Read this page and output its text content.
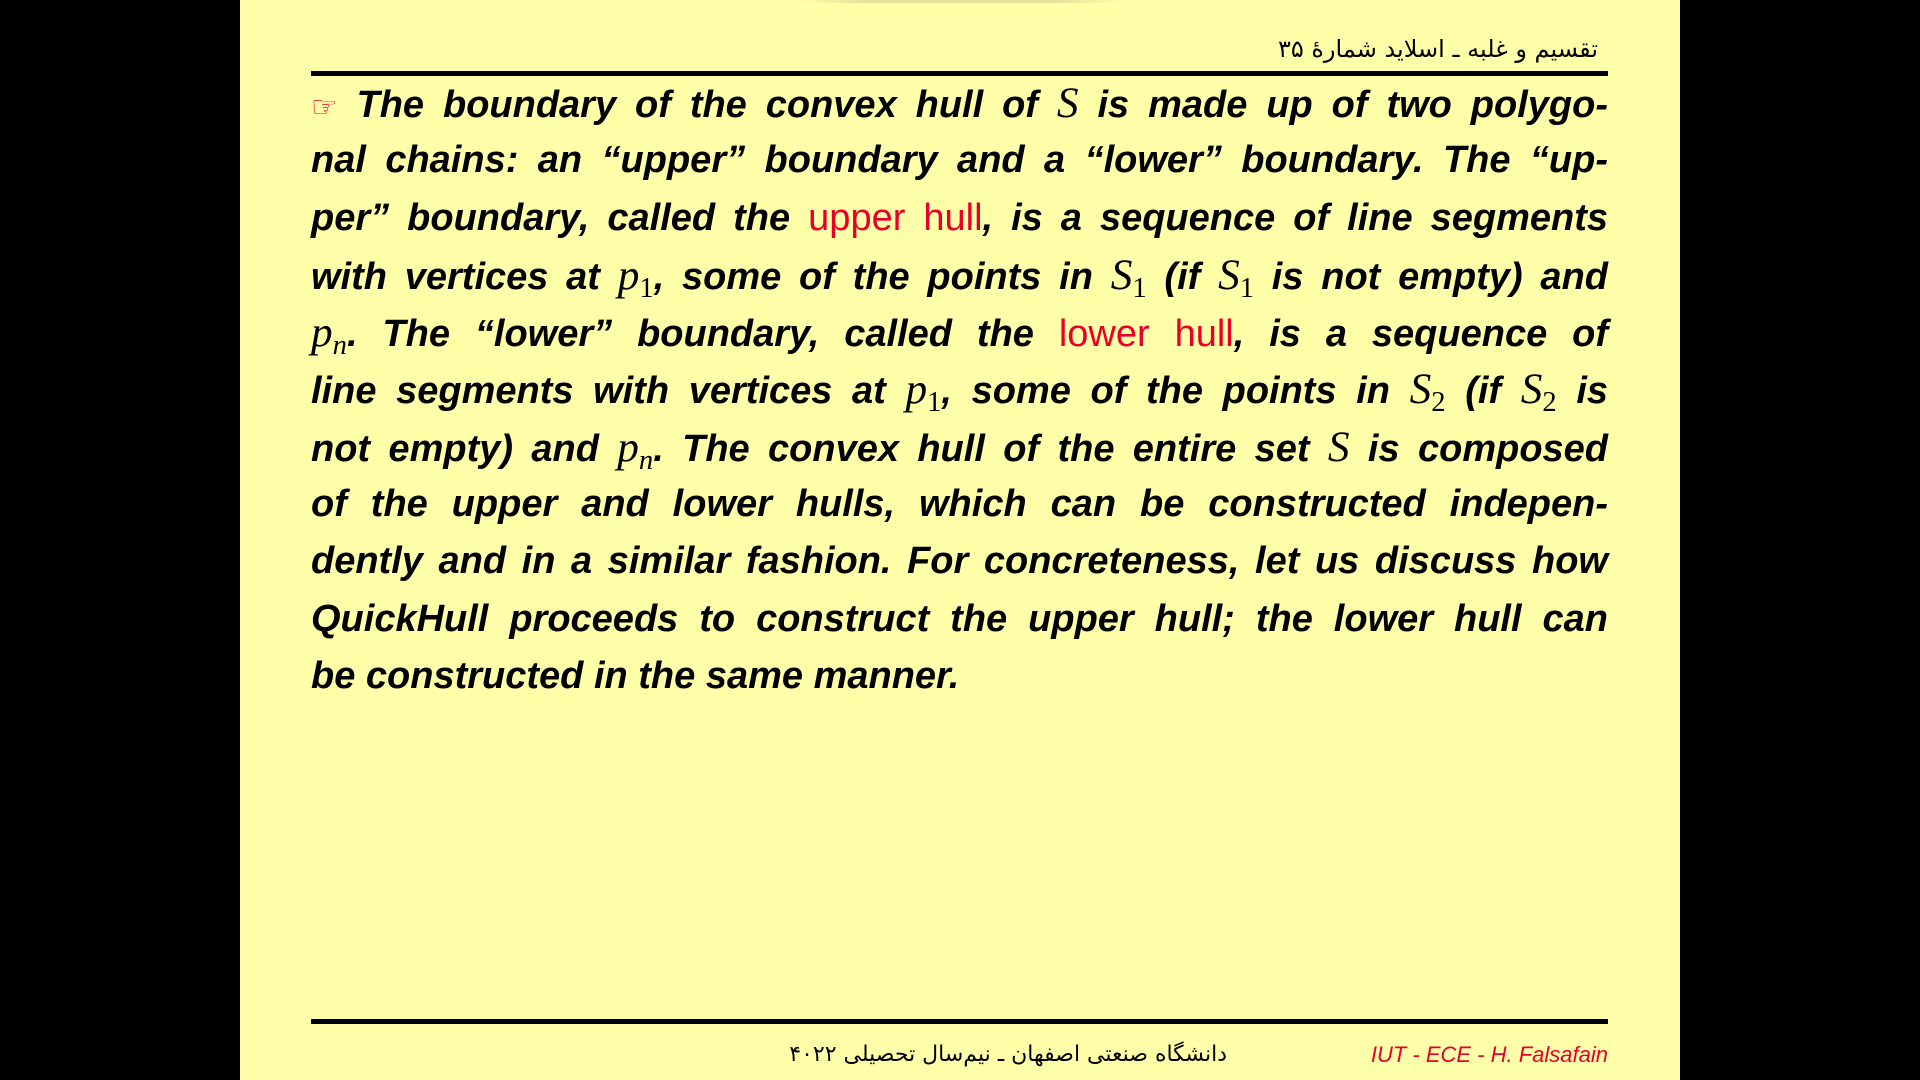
تقسیم و غلبه ـ اسلاید شمارهٔ ۳۵
☞ The boundary of the convex hull of S is made up of two polygo-
nal chains: an “upper” boundary and a “lower” boundary. The “up-
per” boundary, called the upper hull, is a sequence of line segments
with vertices at $p_1$, some of the points in $S_1$ (if $S_1$ is not empty) and
$p_n$. The “lower” boundary, called the lower hull, is a sequence of
line segments with vertices at $p_1$, some of the points in $S_2$ (if $S_2$ is
not empty) and $p_n$. The convex hull of the entire set S is composed
of the upper and lower hulls, which can be constructed indepen-
dently and in a similar fashion. For concreteness, let us discuss how
QuickHull proceeds to construct the upper hull; the lower hull can
be constructed in the same manner.
دانشگاه صنعتی اصفهان ـ نیم‌سال تحصیلی ۴۰۲۲	IUT - ECE - H. Falsafain
